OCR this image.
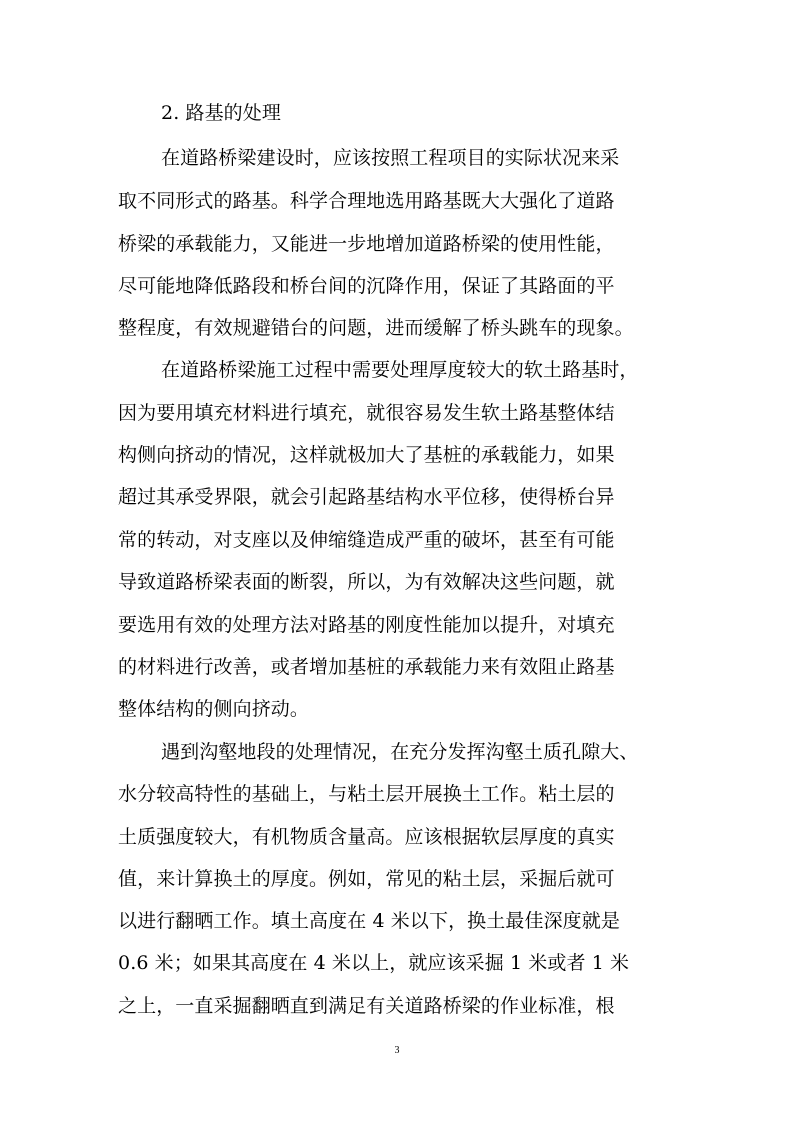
2. 路基的处理
在道路桥梁建设时，应该按照工程项目的实际状况来采
取不同形式的路基。科学合理地选用路基既大大强化了道路
桥梁的承载能力，又能进一步地增加道路桥梁的使用性能，
尽可能地降低路段和桥台间的沉降作用，保证了其路面的平
整程度，有效规避错台的问题，进而缓解了桥头跳车的现象。
在道路桥梁施工过程中需要处理厚度较大的软土路基时，
因为要用填充材料进行填充，就很容易发生软土路基整体结
构侧向挤动的情况，这样就极加大了基桩的承载能力，如果
超过其承受界限，就会引起路基结构水平位移，使得桥台异
常的转动，对支座以及伸缩缝造成严重的破坏，甚至有可能
导致道路桥梁表面的断裂，所以，为有效解决这些问题，就
要选用有效的处理方法对路基的刚度性能加以提升，对填充
的材料进行改善，或者增加基桩的承载能力来有效阻止路基
整体结构的侧向挤动。
遇到沟壑地段的处理情况，在充分发挥沟壑土质孔隙大、
水分较高特性的基础上，与粘土层开展换土工作。粘土层的
土质强度较大，有机物质含量高。应该根据软层厚度的真实
值，来计算换土的厚度。例如，常见的粘土层，采掘后就可
以进行翻晒工作。填土高度在 4 米以下，换土最佳深度就是
0.6 米；如果其高度在 4 米以上，就应该采掘 1 米或者 1 米
之上，一直采掘翻晒直到满足有关道路桥梁的作业标准，根
3
